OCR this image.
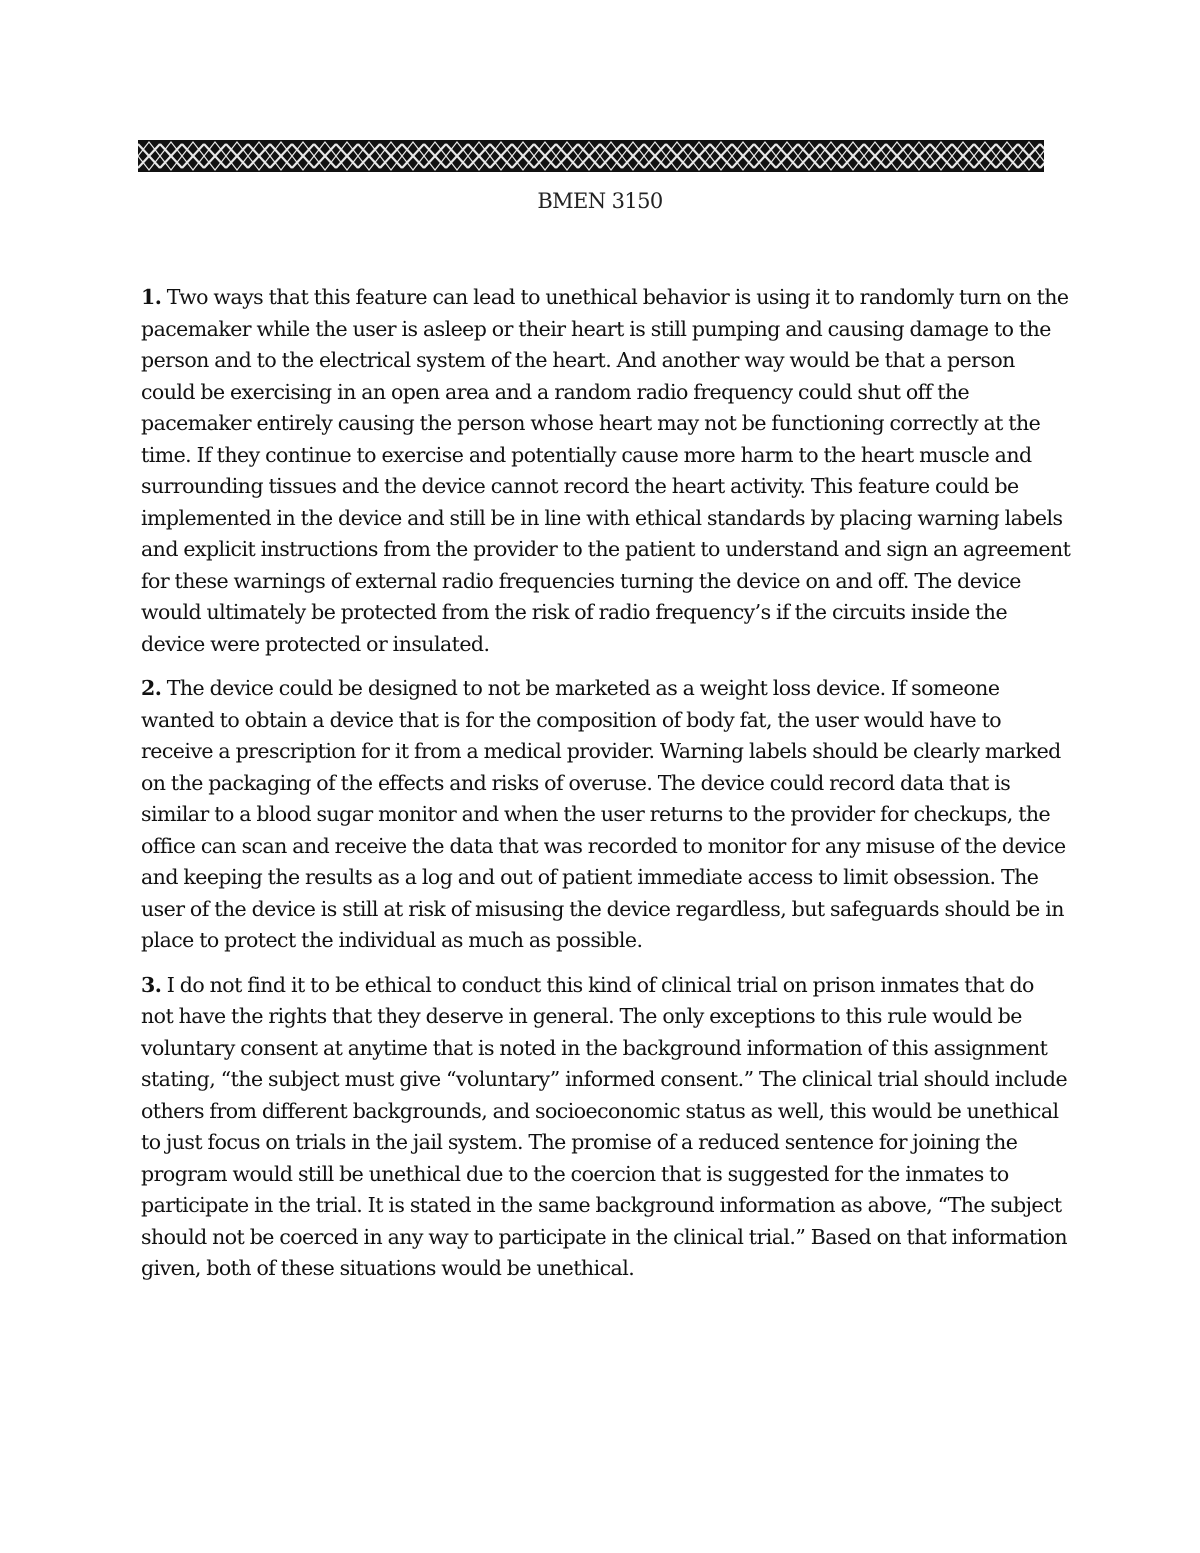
BMEN 3150

1. Two ways that this feature can lead to unethical behavior is using it to randomly turn on the pacemaker while the user is asleep or their heart is still pumping and causing damage to the person and to the electrical system of the heart. And another way would be that a person could be exercising in an open area and a random radio frequency could shut off the pacemaker entirely causing the person whose heart may not be functioning correctly at the time. If they continue to exercise and potentially cause more harm to the heart muscle and surrounding tissues and the device cannot record the heart activity. This feature could be implemented in the device and still be in line with ethical standards by placing warning labels and explicit instructions from the provider to the patient to understand and sign an agreement for these warnings of external radio frequencies turning the device on and off. The device would ultimately be protected from the risk of radio frequency’s if the circuits inside the device were protected or insulated.

2. The device could be designed to not be marketed as a weight loss device. If someone wanted to obtain a device that is for the composition of body fat, the user would have to receive a prescription for it from a medical provider. Warning labels should be clearly marked on the packaging of the effects and risks of overuse. The device could record data that is similar to a blood sugar monitor and when the user returns to the provider for checkups, the office can scan and receive the data that was recorded to monitor for any misuse of the device and keeping the results as a log and out of patient immediate access to limit obsession. The user of the device is still at risk of misusing the device regardless, but safeguards should be in place to protect the individual as much as possible.

3. I do not find it to be ethical to conduct this kind of clinical trial on prison inmates that do not have the rights that they deserve in general. The only exceptions to this rule would be voluntary consent at anytime that is noted in the background information of this assignment stating, “the subject must give “voluntary” informed consent.” The clinical trial should include others from different backgrounds, and socioeconomic status as well, this would be unethical to just focus on trials in the jail system. The promise of a reduced sentence for joining the program would still be unethical due to the coercion that is suggested for the inmates to participate in the trial. It is stated in the same background information as above, “The subject should not be coerced in any way to participate in the clinical trial.” Based on that information given, both of these situations would be unethical.
